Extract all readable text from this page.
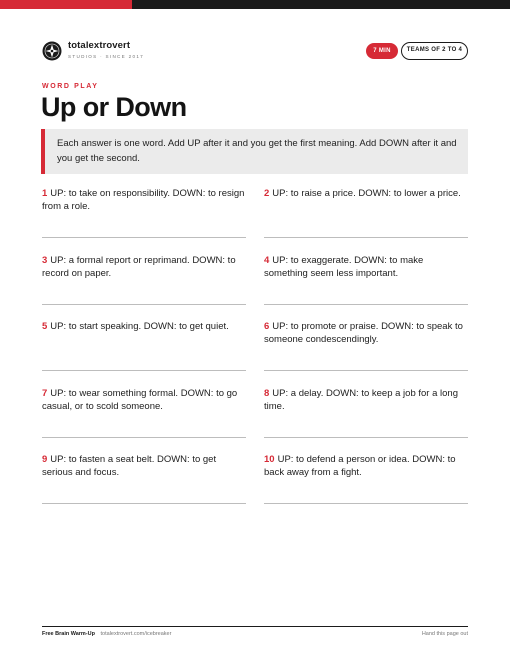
totalextrovert
STUDIOS · SINCE 2017
7 MIN	TEAMS OF 2 TO 4
WORD PLAY
Up or Down
Each answer is one word. Add UP after it and you get the first meaning. Add DOWN after it and you get the second.
1 UP: to take on responsibility. DOWN: to resign from a role.
2 UP: to raise a price. DOWN: to lower a price.
3 UP: a formal report or reprimand. DOWN: to record on paper.
4 UP: to exaggerate. DOWN: to make something seem less important.
5 UP: to start speaking. DOWN: to get quiet.	6 UP: to promote or praise. DOWN: to speak to someone condescendingly.
7 UP: to wear something formal. DOWN: to go casual, or to scold someone.
8 UP: a delay. DOWN: to keep a job for a long time.
9 UP: to fasten a seat belt. DOWN: to get serious and focus.
10 UP: to defend a person or idea. DOWN: to back away from a fight.
Free Brain Warm-Up totalextrovert.com/icebreaker	Hand this page out
